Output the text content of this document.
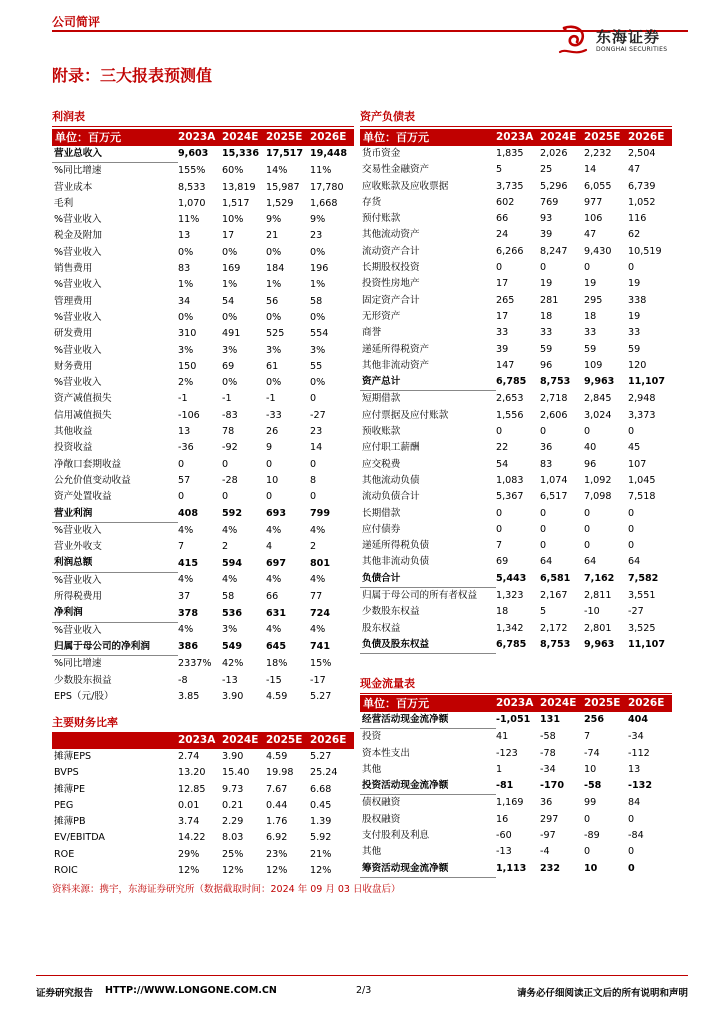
公司简评
东海证券
DONGHAI SECURITIES
附录：三大报表预测值
利润表
单位：百万元	2023A	2024E	2025E	2026E
营业总收入	9,603	15,336	17,517	19,448
%同比增速	155%	60%	14%	11%
营业成本	8,533	13,819	15,987	17,780
毛利	1,070	1,517	1,529	1,668
%营业收入	11%	10%	9%	9%
税金及附加	13	17	21	23
%营业收入	0%	0%	0%	0%
销售费用	83	169	184	196
%营业收入	1%	1%	1%	1%
管理费用	34	54	56	58
%营业收入	0%	0%	0%	0%
研发费用	310	491	525	554
%营业收入	3%	3%	3%	3%
财务费用	150	69	61	55
%营业收入	2%	0%	0%	0%
资产减值损失	-1	-1	-1	0
信用减值损失	-106	-83	-33	-27
其他收益	13	78	26	23
投资收益	-36	-92	9	14
净敞口套期收益	0	0	0	0
公允价值变动收益	57	-28	10	8
资产处置收益	0	0	0	0
营业利润	408	592	693	799
%营业收入	4%	4%	4%	4%
营业外收支	7	2	4	2
利润总额	415	594	697	801
%营业收入	4%	4%	4%	4%
所得税费用	37	58	66	77
净利润	378	536	631	724
%营业收入	4%	3%	4%	4%
归属于母公司的净利润	386	549	645	741
%同比增速	2337%	42%	18%	15%
少数股东损益	-8	-13	-15	-17
EPS（元/股）	3.85	3.90	4.59	5.27
主要财务比率
	2023A	2024E	2025E	2026E
摊薄EPS	2.74	3.90	4.59	5.27
BVPS	13.20	15.40	19.98	25.24
摊薄PE	12.85	9.73	7.67	6.68
PEG	0.01	0.21	0.44	0.45
摊薄PB	3.74	2.29	1.76	1.39
EV/EBITDA	14.22	8.03	6.92	5.92
ROE	29%	25%	23%	21%
ROIC	12%	12%	12%	12%
资产负债表
单位：百万元	2023A	2024E	2025E	2026E
货币资金	1,835	2,026	2,232	2,504
交易性金融资产	5	25	14	47
应收账款及应收票据	3,735	5,296	6,055	6,739
存货	602	769	977	1,052
预付账款	66	93	106	116
其他流动资产	24	39	47	62
流动资产合计	6,266	8,247	9,430	10,519
长期股权投资	0	0	0	0
投资性房地产	17	19	19	19
固定资产合计	265	281	295	338
无形资产	17	18	18	19
商誉	33	33	33	33
递延所得税资产	39	59	59	59
其他非流动资产	147	96	109	120
资产总计	6,785	8,753	9,963	11,107
短期借款	2,653	2,718	2,845	2,948
应付票据及应付账款	1,556	2,606	3,024	3,373
预收账款	0	0	0	0
应付职工薪酬	22	36	40	45
应交税费	54	83	96	107
其他流动负债	1,083	1,074	1,092	1,045
流动负债合计	5,367	6,517	7,098	7,518
长期借款	0	0	0	0
应付债券	0	0	0	0
递延所得税负债	7	0	0	0
其他非流动负债	69	64	64	64
负债合计	5,443	6,581	7,162	7,582
归属于母公司的所有者权益	1,323	2,167	2,811	3,551
少数股东权益	18	5	-10	-27
股东权益	1,342	2,172	2,801	3,525
负债及股东权益	6,785	8,753	9,963	11,107
现金流量表
单位：百万元	2023A	2024E	2025E	2026E
经营活动现金流净额	-1,051	131	256	404
投资	41	-58	7	-34
资本性支出	-123	-78	-74	-112
其他	1	-34	10	13
投资活动现金流净额	-81	-170	-58	-132
债权融资	1,169	36	99	84
股权融资	16	297	0	0
支付股利及利息	-60	-97	-89	-84
其他	-13	-4	0	0
筹资活动现金流净额	1,113	232	10	0
资料来源：携宇，东海证券研究所（数据截取时间：2024 年 09 月 03 日收盘后）
证券研究报告 HTTP://WWW.LONGONE.COM.CN	2/3	请务必仔细阅读正文后的所有说明和声明
